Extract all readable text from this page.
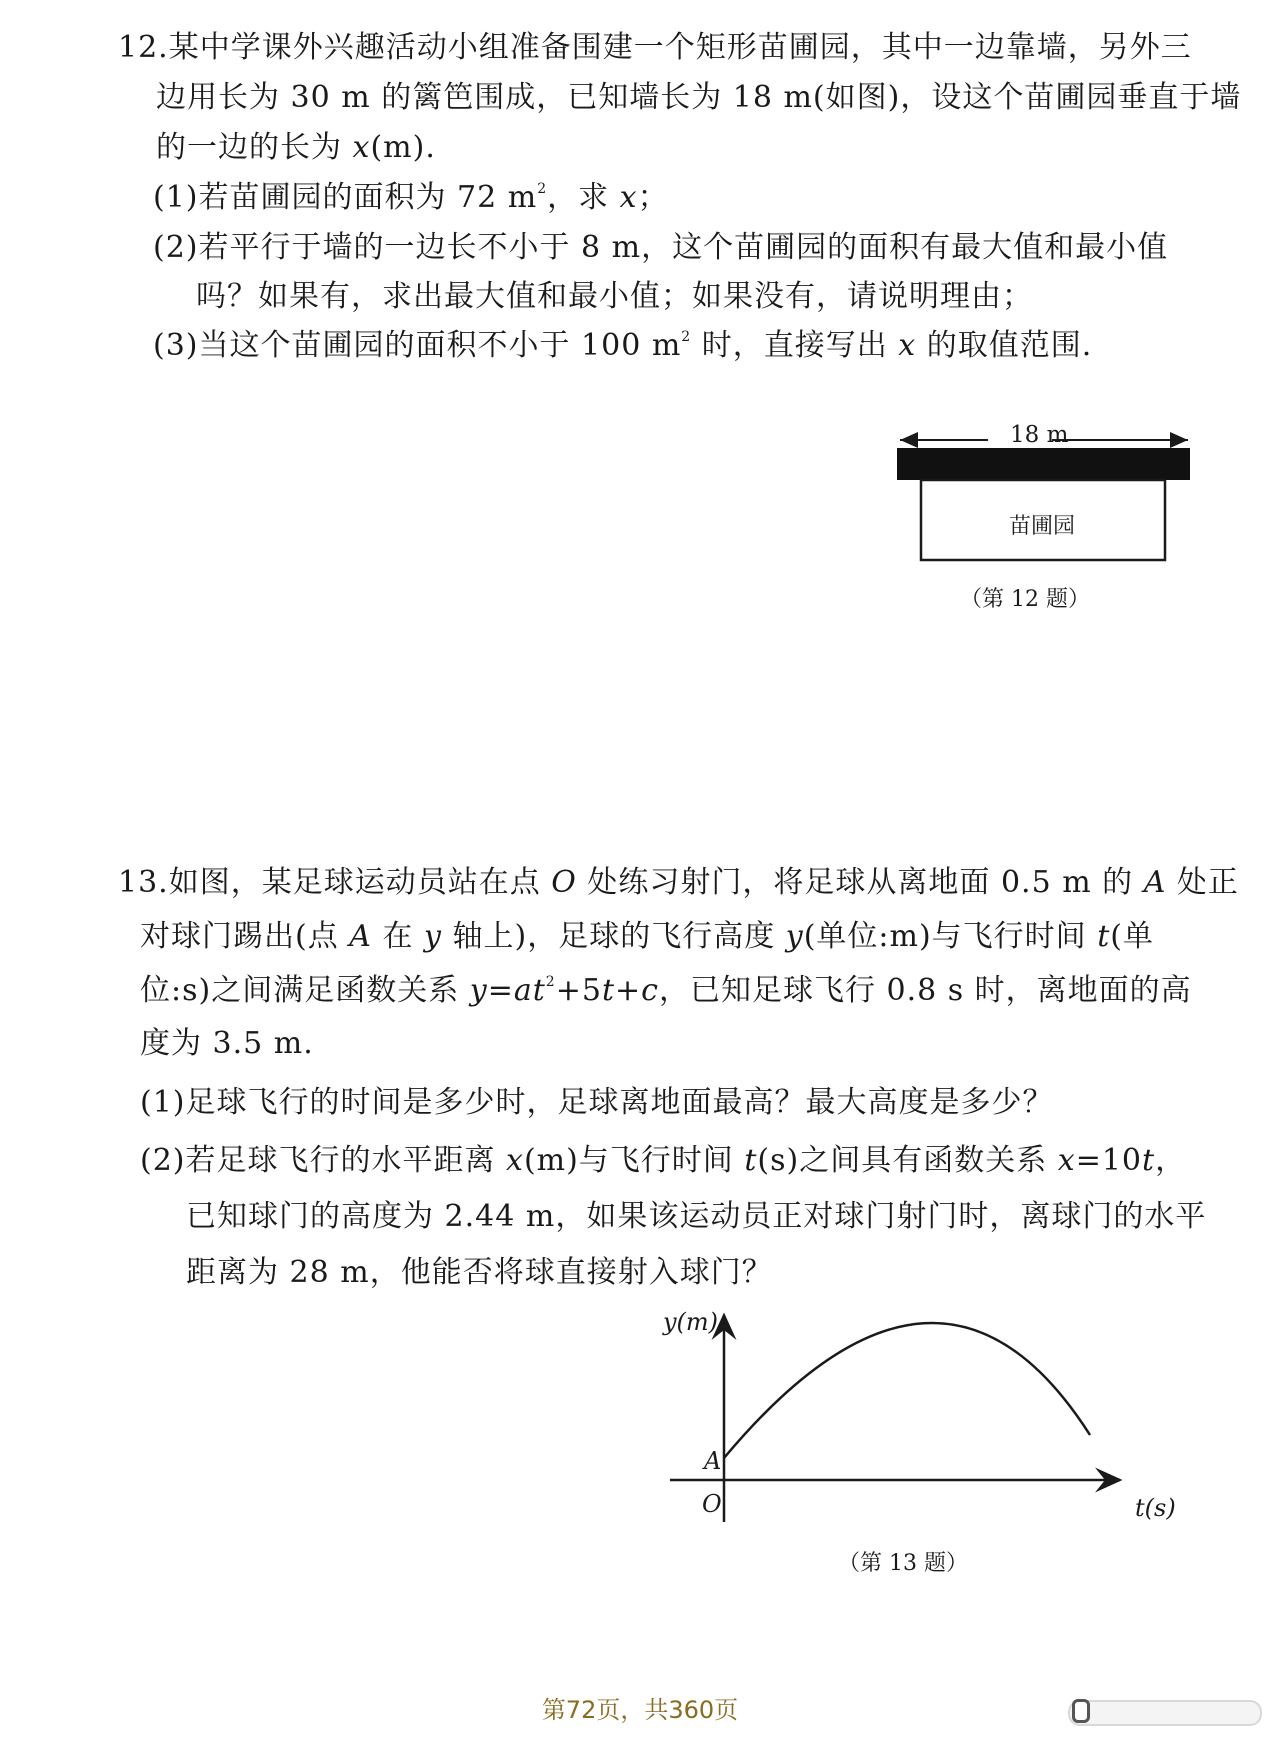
12.某中学课外兴趣活动小组准备围建一个矩形苗圃园，其中一边靠墙，另外三
边用长为 30 m 的篱笆围成，已知墙长为 18 m(如图)，设这个苗圃园垂直于墙
的一边的长为 x(m).
(1)若苗圃园的面积为 72 $m^2$，求 x；
(2)若平行于墙的一边长不小于 8 m，这个苗圃园的面积有最大值和最小值
吗？如果有，求出最大值和最小值；如果没有，请说明理由；
(3)当这个苗圃园的面积不小于 100 $m^2$ 时，直接写出 x 的取值范围.
18 m
苗圃园
（第 12 题）
13.如图，某足球运动员站在点 O 处练习射门，将足球从离地面 0.5 m 的 A 处正
对球门踢出(点 A 在 y 轴上)，足球的飞行高度 y(单位:m)与飞行时间 t(单
位:s)之间满足函数关系 $y=at^2+5t+c$，已知足球飞行 0.8 s 时，离地面的高
度为 3.5 m.
(1)足球飞行的时间是多少时，足球离地面最高？最大高度是多少？
(2)若足球飞行的水平距离 x(m)与飞行时间 t(s)之间具有函数关系 x=10t，
已知球门的高度为 2.44 m，如果该运动员正对球门射门时，离球门的水平
距离为 28 m，他能否将球直接射入球门？
y(m)
t(s)
A
O
（第 13 题）
第72页，共360页
